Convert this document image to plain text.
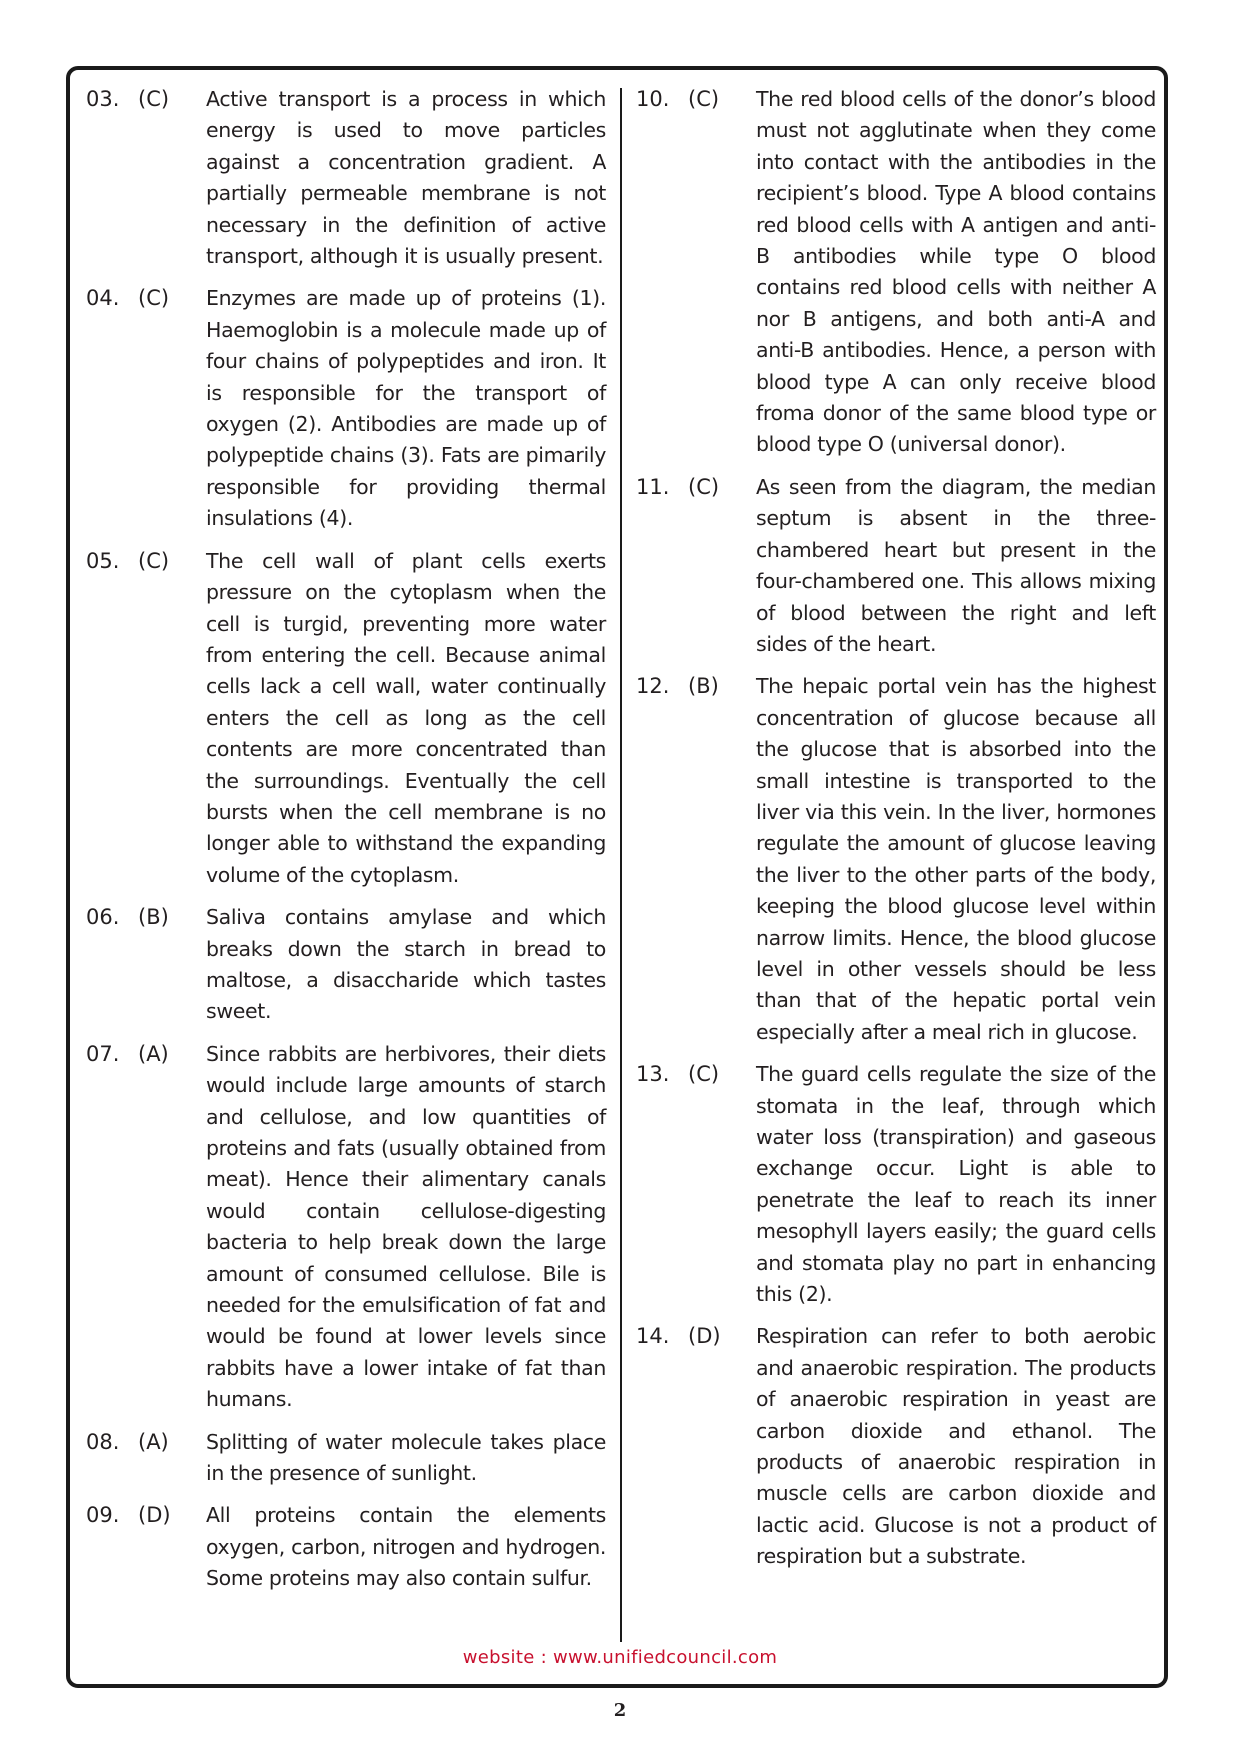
03. (C) Active transport is a process in which energy is used to move particles against a concentration gradient. A partially permeable membrane is not necessary in the definition of active transport, although it is usually present.
04. (C) Enzymes are made up of proteins (1). Haemoglobin is a molecule made up of four chains of polypeptides and iron. It is responsible for the transport of oxygen (2). Antibodies are made up of polypeptide chains (3). Fats are pimarily responsible for providing thermal insulations (4).
05. (C) The cell wall of plant cells exerts pressure on the cytoplasm when the cell is turgid, preventing more water from entering the cell. Because animal cells lack a cell wall, water continually enters the cell as long as the cell contents are more concentrated than the surroundings. Eventually the cell bursts when the cell membrane is no longer able to withstand the expanding volume of the cytoplasm.
06. (B) Saliva contains amylase and which breaks down the starch in bread to maltose, a disaccharide which tastes sweet.
07. (A) Since rabbits are herbivores, their diets would include large amounts of starch and cellulose, and low quantities of proteins and fats (usually obtained from meat). Hence their alimentary canals would contain cellulose-digesting bacteria to help break down the large amount of consumed cellulose. Bile is needed for the emulsification of fat and would be found at lower levels since rabbits have a lower intake of fat than humans.
08. (A) Splitting of water molecule takes place in the presence of sunlight.
09. (D) All proteins contain the elements oxygen, carbon, nitrogen and hydrogen. Some proteins may also contain sulfur.
10. (C) The red blood cells of the donor’s blood must not agglutinate when they come into contact with the antibodies in the recipient’s blood. Type A blood contains red blood cells with A antigen and anti-B antibodies while type O blood contains red blood cells with neither A nor B antigens, and both anti-A and anti-B antibodies. Hence, a person with blood type A can only receive blood froma donor of the same blood type or blood type O (universal donor).
11. (C) As seen from the diagram, the median septum is absent in the three-chambered heart but present in the four-chambered one. This allows mixing of blood between the right and left sides of the heart.
12. (B) The hepaic portal vein has the highest concentration of glucose because all the glucose that is absorbed into the small intestine is transported to the liver via this vein. In the liver, hormones regulate the amount of glucose leaving the liver to the other parts of the body, keeping the blood glucose level within narrow limits. Hence, the blood glucose level in other vessels should be less than that of the hepatic portal vein especially after a meal rich in glucose.
13. (C) The guard cells regulate the size of the stomata in the leaf, through which water loss (transpiration) and gaseous exchange occur. Light is able to penetrate the leaf to reach its inner mesophyll layers easily; the guard cells and stomata play no part in enhancing this (2).
14. (D) Respiration can refer to both aerobic and anaerobic respiration. The products of anaerobic respiration in yeast are carbon dioxide and ethanol. The products of anaerobic respiration in muscle cells are carbon dioxide and lactic acid. Glucose is not a product of respiration but a substrate.
website : www.unifiedcouncil.com
2
